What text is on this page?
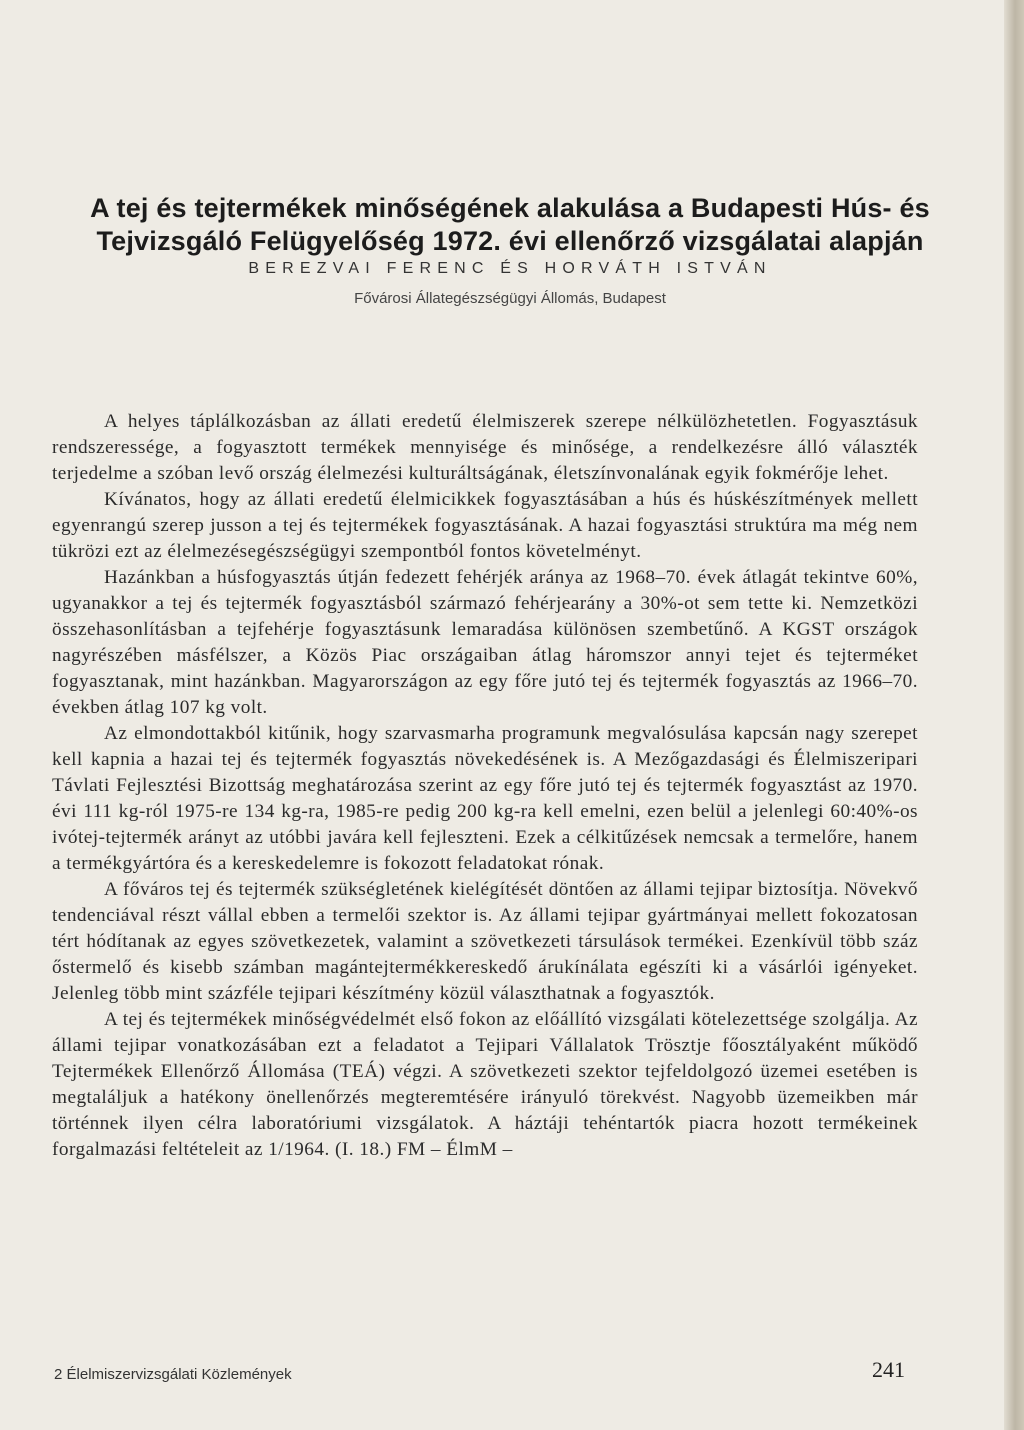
A tej és tejtermékek minőségének alakulása a Budapesti Hús- és
Tejvizsgáló Felügyelőség 1972. évi ellenőrző vizsgálatai alapján
BEREZVAI FERENC ÉS HORVÁTH ISTVÁN
Fővárosi Állategészségügyi Állomás, Budapest

A helyes táplálkozásban az állati eredetű élelmiszerek szerepe nélkülözhetetlen. Fogyasztásuk rendszeressége, a fogyasztott termékek mennyisége és minősége, a rendelkezésre álló választék terjedelme a szóban levő ország élelmezési kulturáltságának, életszínvonalának egyik fokmérője lehet.

Kívánatos, hogy az állati eredetű élelmicikkek fogyasztásában a hús és húskészítmények mellett egyenrangú szerep jusson a tej és tejtermékek fogyasztásának. A hazai fogyasztási struktúra ma még nem tükrözi ezt az élelmezésegészségügyi szempontból fontos követelményt.

Hazánkban a húsfogyasztás útján fedezett fehérjék aránya az 1968–70. évek átlagát tekintve 60%, ugyanakkor a tej és tejtermék fogyasztásból származó fehérjearány a 30%-ot sem tette ki. Nemzetközi összehasonlításban a tejfehérje fogyasztásunk lemaradása különösen szembetűnő. A KGST országok nagyrészében másfélszer, a Közös Piac országaiban átlag háromszor annyi tejet és tejterméket fogyasztanak, mint hazánkban. Magyarországon az egy főre jutó tej és tejtermék fogyasztás az 1966–70. években átlag 107 kg volt.

Az elmondottakból kitűnik, hogy szarvasmarha programunk megvalósulása kapcsán nagy szerepet kell kapnia a hazai tej és tejtermék fogyasztás növekedésének is. A Mezőgazdasági és Élelmiszeripari Távlati Fejlesztési Bizottság meghatározása szerint az egy főre jutó tej és tejtermék fogyasztást az 1970. évi 111 kg-ról 1975-re 134 kg-ra, 1985-re pedig 200 kg-ra kell emelni, ezen belül a jelenlegi 60:40%-os ivótej-tejtermék arányt az utóbbi javára kell fejleszteni. Ezek a célkitűzések nemcsak a termelőre, hanem a termékgyártóra és a kereskedelemre is fokozott feladatokat rónak.

A főváros tej és tejtermék szükségletének kielégítését döntően az állami tejipar biztosítja. Növekvő tendenciával részt vállal ebben a termelői szektor is. Az állami tejipar gyártmányai mellett fokozatosan tért hódítanak az egyes szövetkezetek, valamint a szövetkezeti társulások termékei. Ezenkívül több száz őstermelő és kisebb számban magántejtermékkereskedő árukínálata egészíti ki a vásárlói igényeket. Jelenleg több mint százféle tejipari készítmény közül választhatnak a fogyasztók.

A tej és tejtermékek minőségvédelmét első fokon az előállító vizsgálati kötelezettsége szolgálja. Az állami tejipar vonatkozásában ezt a feladatot a Tejipari Vállalatok Trösztje főosztályaként működő Tejtermékek Ellenőrző Állomása (TEÁ) végzi. A szövetkezeti szektor tejfeldolgozó üzemei esetében is megtaláljuk a hatékony önellenőrzés megteremtésére irányuló törekvést. Nagyobb üzemeikben már történnek ilyen célra laboratóriumi vizsgálatok. A háztáji tehéntartók piacra hozott termékeinek forgalmazási feltételeit az 1/1964. (I. 18.) FM – ÉlmM –

2 Élelmiszervizsgálati Közlemények	241
